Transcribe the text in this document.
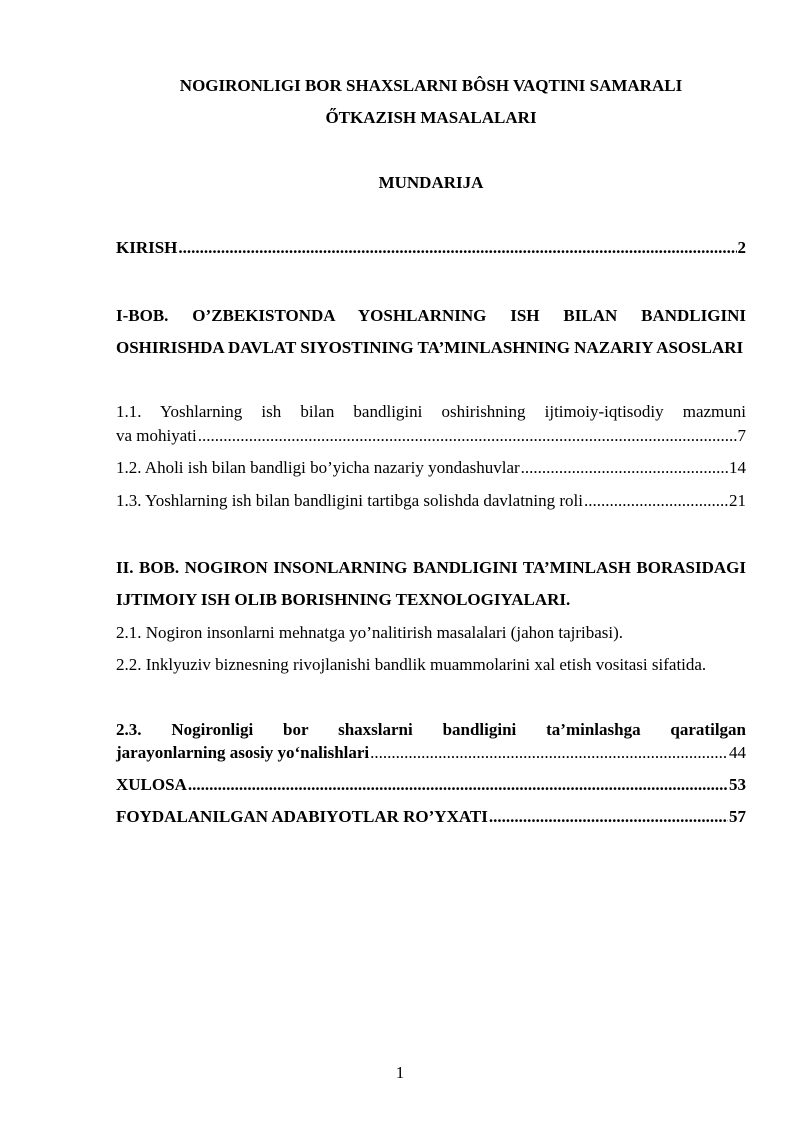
NOGIRONLIGI BOR SHAXSLARNI BÔSH VAQTINI SAMARALI
ŐTKAZISH MASALALARI
MUNDARIJA
KIRISH .....	2
I-BOB. O’ZBEKISTONDA YOSHLARNING ISH BILAN BANDLIGINI OSHIRISHDA DAVLAT SIYOSTINING TA’MINLASHNING NAZARIY ASOSLARI
1.1. Yoshlarning ish bilan bandligini oshirishning ijtimoiy-iqtisodiy mazmuni
va mohiyati .....	7
1.2. Aholi ish bilan bandligi bo’yicha nazariy yondashuvlar .....	14
1.3. Yoshlarning ish bilan bandligini tartibga solishda davlatning roli .....	21
II. BOB. NOGIRON INSONLARNING BANDLIGINI TA’MINLASH BORASIDAGI IJTIMOIY ISH OLIB BORISHNING TEXNOLOGIYALARI.
2.1. Nogiron insonlarni mehnatga yo’nalitirish masalalari (jahon tajribasi).
2.2. Inklyuziv biznesning rivojlanishi bandlik muammolarini xal etish vositasi sifatida.
2.3. Nogironligi bor shaxslarni bandligini ta’minlashga qaratilgan
jarayonlarning asosiy yo‘nalishlari .....	44
XULOSA .....	53
FOYDALANILGAN ADABIYOTLAR RO’YXATI .....	57
1
